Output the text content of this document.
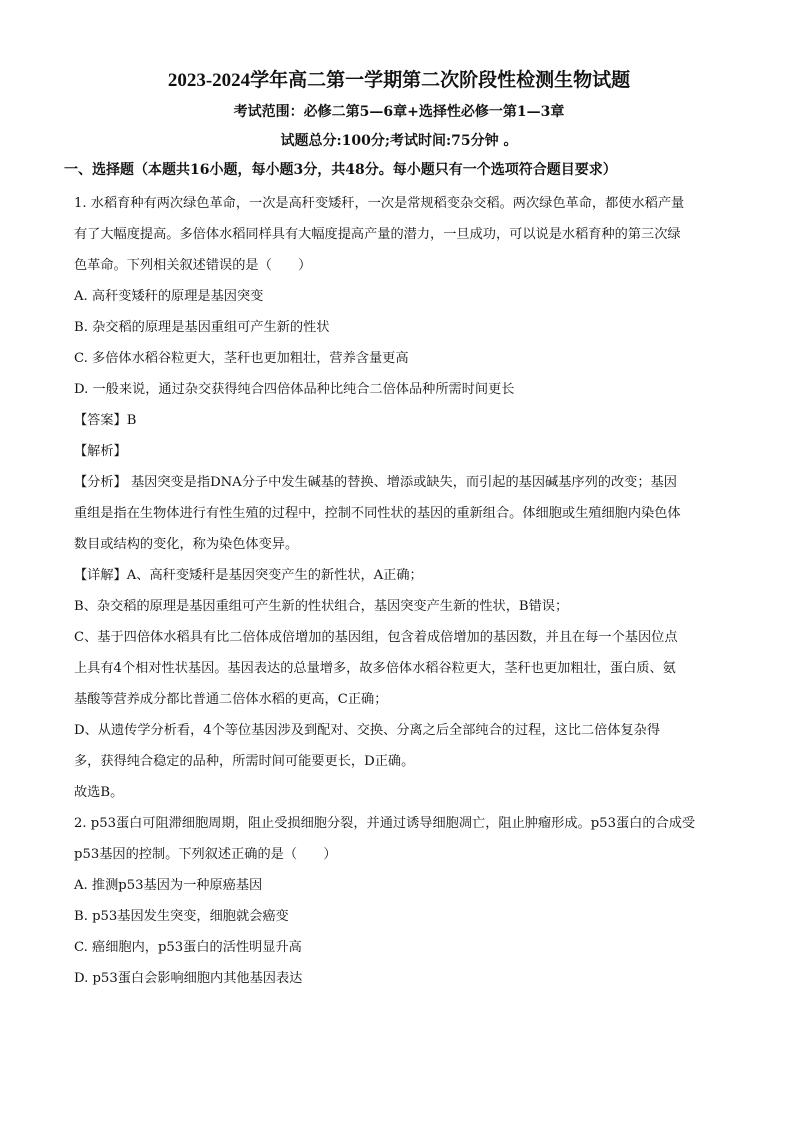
2023-2024学年高二第一学期第二次阶段性检测生物试题
考试范围：必修二第5—6章+选择性必修一第1—3章
试题总分:100分;考试时间:75分钟 。
一、选择题（本题共16小题，每小题3分，共48分。每小题只有一个选项符合题目要求）
1. 水稻育种有两次绿色革命，一次是高秆变矮秆，一次是常规稻变杂交稻。两次绿色革命，都使水稻产量
有了大幅度提高。多倍体水稻同样具有大幅度提高产量的潜力，一旦成功，可以说是水稻育种的第三次绿
色革命。下列相关叙述错误的是（　　）
A. 高秆变矮秆的原理是基因突变
B. 杂交稻的原理是基因重组可产生新的性状
C. 多倍体水稻谷粒更大，茎秆也更加粗壮，营养含量更高
D. 一般来说，通过杂交获得纯合四倍体品种比纯合二倍体品种所需时间更长
【答案】B
【解析】
【分析】 基因突变是指DNA分子中发生碱基的替换、增添或缺失，而引起的基因碱基序列的改变；基因
重组是指在生物体进行有性生殖的过程中，控制不同性状的基因的重新组合。体细胞或生殖细胞内染色体
数目或结构的变化，称为染色体变异。
【详解】A、高秆变矮秆是基因突变产生的新性状，A正确；
B、杂交稻的原理是基因重组可产生新的性状组合，基因突变产生新的性状，B错误；
C、基于四倍体水稻具有比二倍体成倍增加的基因组，包含着成倍增加的基因数，并且在每一个基因位点
上具有4个相对性状基因。基因表达的总量增多，故多倍体水稻谷粒更大，茎秆也更加粗壮，蛋白质、氨
基酸等营养成分都比普通二倍体水稻的更高，C正确；
D、从遗传学分析看，4个等位基因涉及到配对、交换、分离之后全部纯合的过程，这比二倍体复杂得
多，获得纯合稳定的品种，所需时间可能要更长，D正确。
故选B。
2. p53蛋白可阻滞细胞周期，阻止受损细胞分裂，并通过诱导细胞凋亡，阻止肿瘤形成。p53蛋白的合成受
p53基因的控制。下列叙述正确的是（　　）
A. 推测p53基因为一种原癌基因
B. p53基因发生突变，细胞就会癌变
C. 癌细胞内，p53蛋白的活性明显升高
D. p53蛋白会影响细胞内其他基因表达
